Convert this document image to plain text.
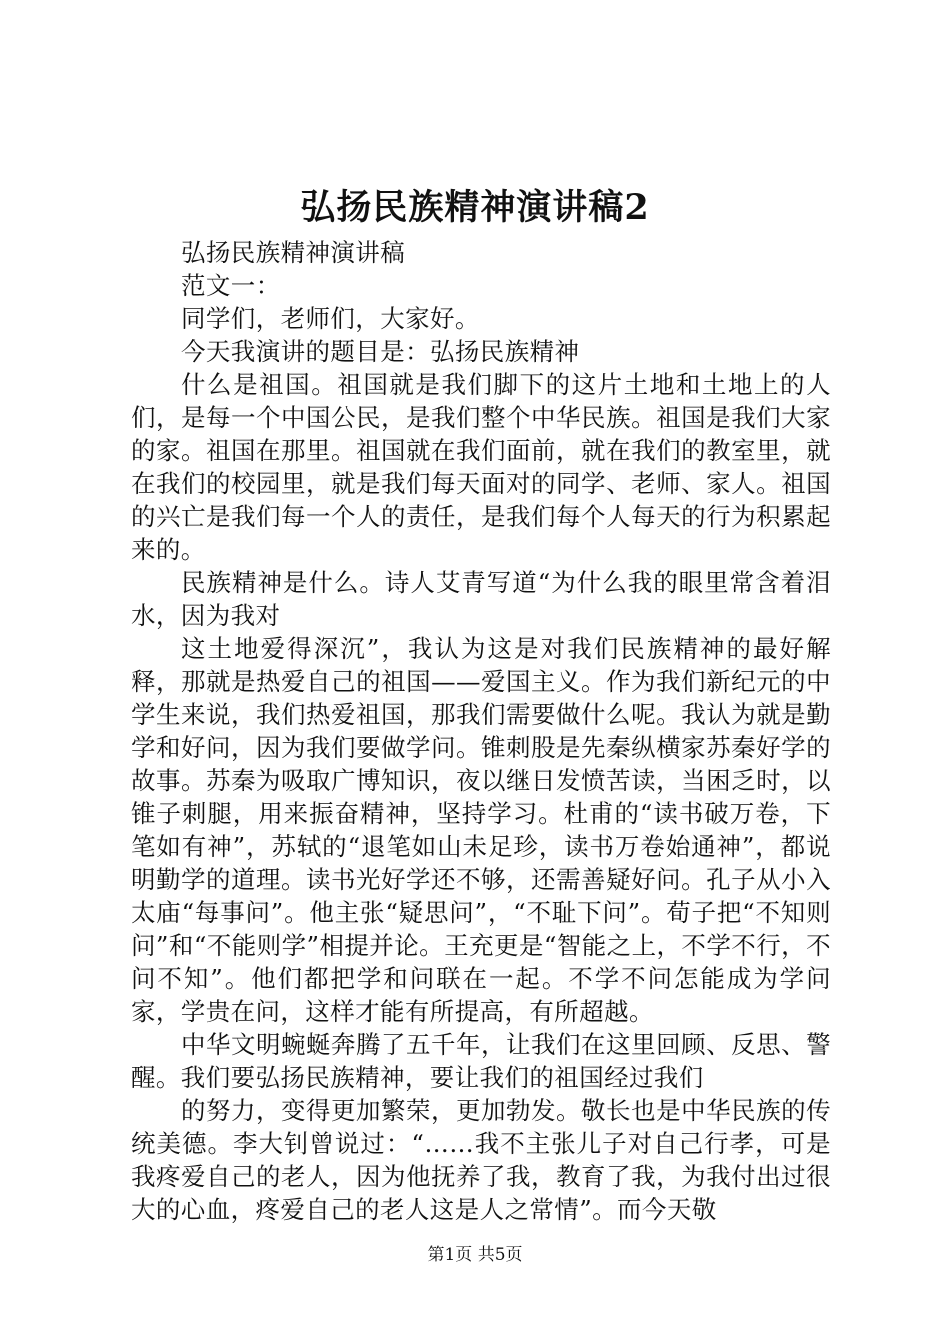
弘扬民族精神演讲稿2

弘扬民族精神演讲稿

范文一：

同学们，老师们，大家好。

今天我演讲的题目是：弘扬民族精神

什么是祖国。祖国就是我们脚下的这片土地和土地上的人们，是每一个中国公民，是我们整个中华民族。祖国是我们大家的家。祖国在那里。祖国就在我们面前，就在我们的教室里，就在我们的校园里，就是我们每天面对的同学、老师、家人。祖国的兴亡是我们每一个人的责任，是我们每个人每天的行为积累起来的。

民族精神是什么。诗人艾青写道“为什么我的眼里常含着泪水，因为我对

这土地爱得深沉”，我认为这是对我们民族精神的最好解释，那就是热爱自己的祖国——爱国主义。作为我们新纪元的中学生来说，我们热爱祖国，那我们需要做什么呢。我认为就是勤学和好问，因为我们要做学问。锥刺股是先秦纵横家苏秦好学的故事。苏秦为吸取广博知识，夜以继日发愤苦读，当困乏时，以锥子刺腿，用来振奋精神，坚持学习。杜甫的“读书破万卷，下笔如有神”，苏轼的“退笔如山未足珍，读书万卷始通神”，都说明勤学的道理。读书光好学还不够，还需善疑好问。孔子从小入太庙“每事问”。他主张“疑思问”，“不耻下问”。荀子把“不知则问”和“不能则学”相提并论。王充更是“智能之上，不学不行，不问不知”。他们都把学和问联在一起。不学不问怎能成为学问家，学贵在问，这样才能有所提高，有所超越。

中华文明蜿蜒奔腾了五千年，让我们在这里回顾、反思、警醒。我们要弘扬民族精神，要让我们的祖国经过我们

的努力，变得更加繁荣，更加勃发。敬长也是中华民族的传统美德。李大钊曾说过：“……我不主张儿子对自己行孝，可是我疼爱自己的老人，因为他抚养了我，教育了我，为我付出过很大的心血，疼爱自己的老人这是人之常情”。而今天敬

第1页 共5页
